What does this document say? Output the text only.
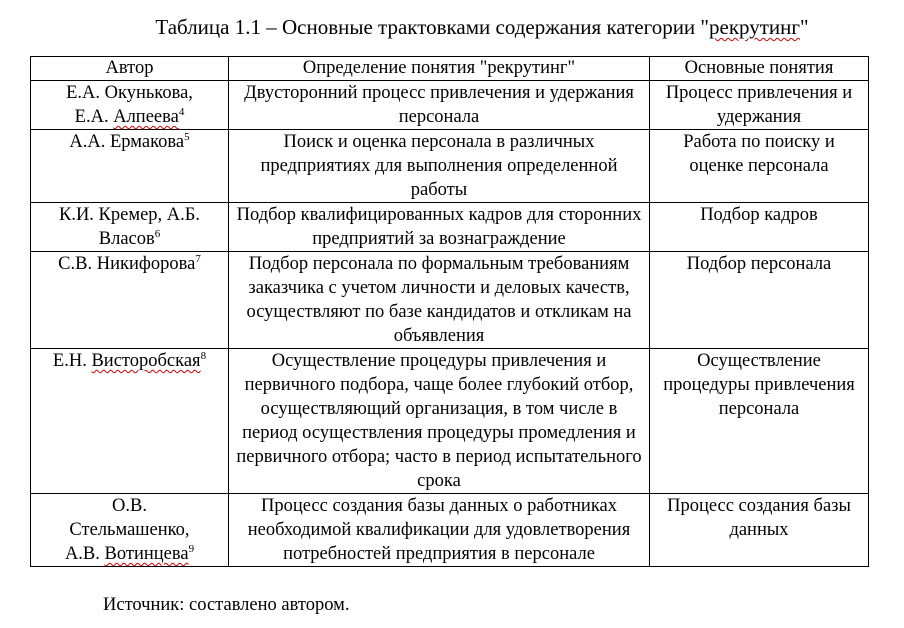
Таблица 1.1 – Основные трактовками содержания категории "рекрутинг"
Автор	Определение понятия "рекрутинг"	Основные понятия
Е.А. Окунькова,
Е.А. Алпеева$^4$	Двусторонний процесс привлечения и удержания персонала	Процесс привлечения и удержания
А.А. Ермакова$^5$	Поиск и оценка персонала в различных предприятиях для выполнения определенной работы	Работа по поиску и оценке персонала
К.И. Кремер, А.Б.
Власов$^6$	Подбор квалифицированных кадров для сторонних предприятий за вознаграждение	Подбор кадров
С.В. Никифорова$^7$	Подбор персонала по формальным требованиям заказчика с учетом личности и деловых качеств, осуществляют по базе кандидатов и откликам на объявления	Подбор персонала
Е.Н. Висторобская$^8$	Осуществление процедуры привлечения и первичного подбора, чаще более глубокий отбор, осуществляющий организация, в том числе в период осуществления процедуры промедления и первичного отбора; часто в период испытательного срока	Осуществление процедуры привлечения персонала
О.В.
Стельмашенко,
А.В. Вотинцева$^9$	Процесс создания базы данных о работниках необходимой квалификации для удовлетворения потребностей предприятия в персонале	Процесс создания базы данных
Источник: составлено автором.
